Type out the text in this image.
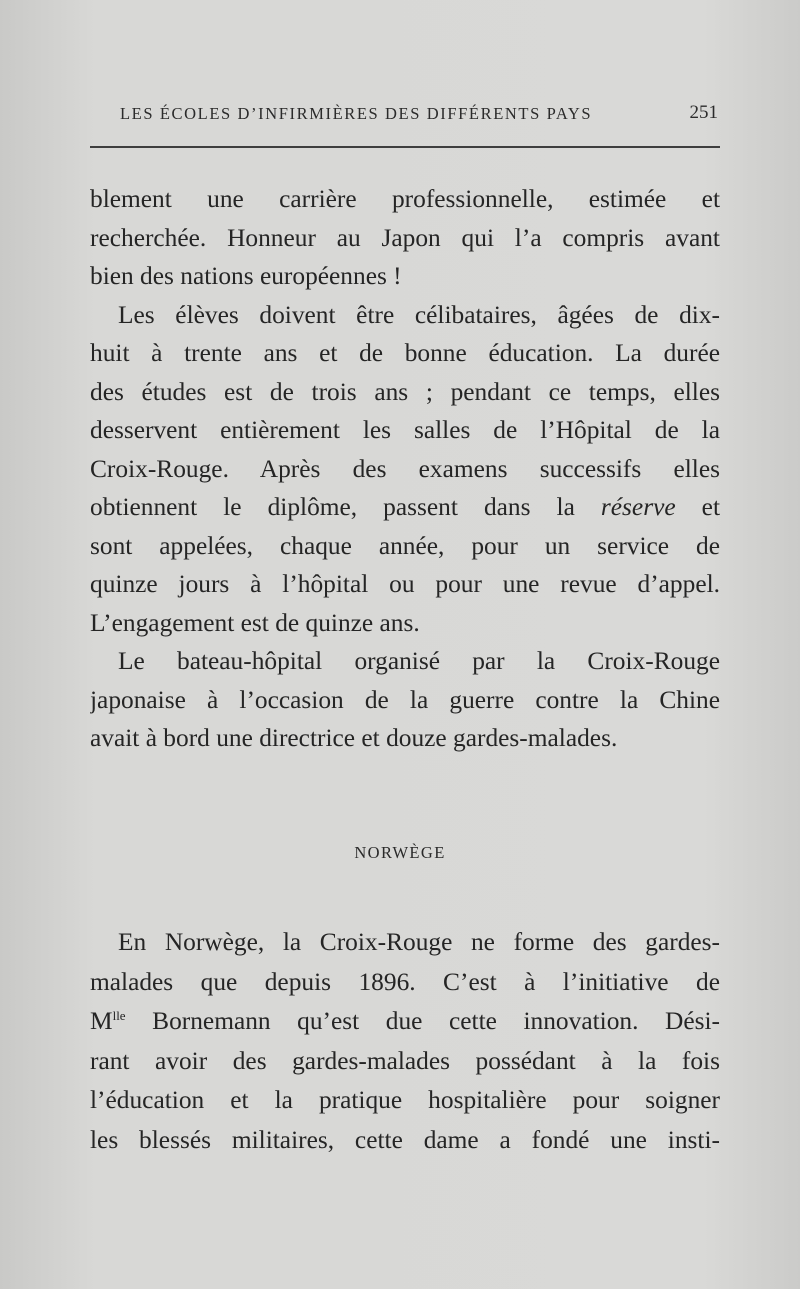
LES ÉCOLES D’INFIRMIÈRES DES DIFFÉRENTS PAYS	251
blement une carrière professionnelle, estimée et
recherchée. Honneur au Japon qui l’a compris avant
bien des nations européennes !
Les élèves doivent être célibataires, âgées de dix-
huit à trente ans et de bonne éducation. La durée
des études est de trois ans ; pendant ce temps, elles
desservent entièrement les salles de l’Hôpital de la
Croix-Rouge. Après des examens successifs elles
obtiennent le diplôme, passent dans la réserve et
sont appelées, chaque année, pour un service de
quinze jours à l’hôpital ou pour une revue d’appel.
L’engagement est de quinze ans.
Le bateau-hôpital organisé par la Croix-Rouge
japonaise à l’occasion de la guerre contre la Chine
avait à bord une directrice et douze gardes-malades.
NORWÈGE
En Norwège, la Croix-Rouge ne forme des gardes-
malades que depuis 1896. C’est à l’initiative de
$M^{lle}$ Bornemann qu’est due cette innovation. Dési-
rant avoir des gardes-malades possédant à la fois
l’éducation et la pratique hospitalière pour soigner
les blessés militaires, cette dame a fondé une insti-
